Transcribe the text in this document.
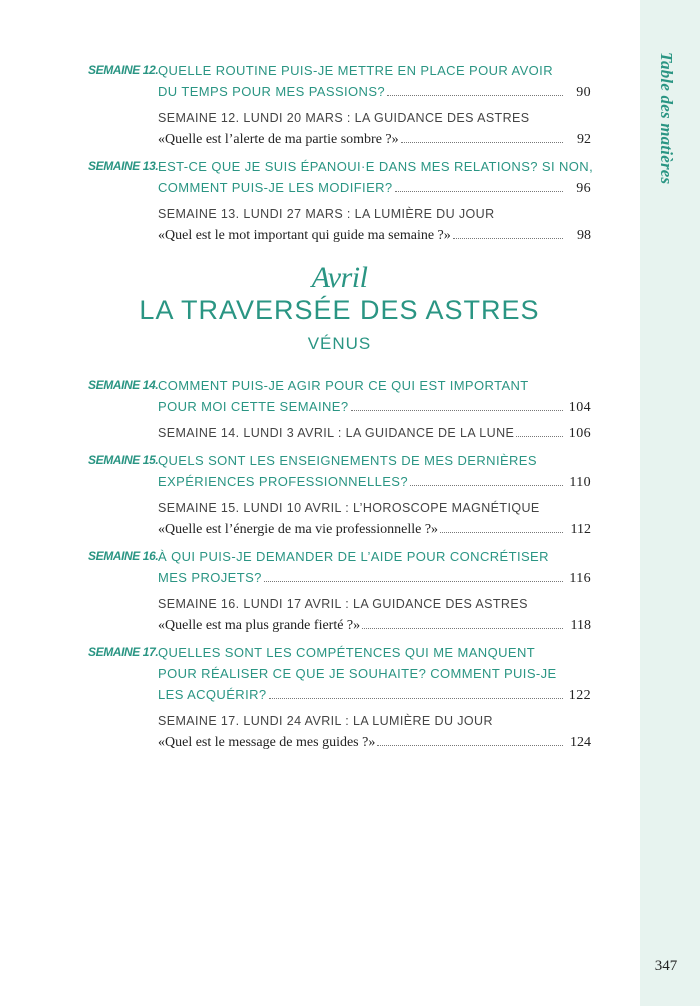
Table des matières
347
SEMAINE 12. QUELLE ROUTINE PUIS-JE METTRE EN PLACE POUR AVOIR
DU TEMPS POUR MES PASSIONS?	90
SEMAINE 12. LUNDI 20 MARS : LA GUIDANCE DES ASTRES
«Quelle est l’alerte de ma partie sombre ?»	92
SEMAINE 13. EST-CE QUE JE SUIS ÉPANOUI·E DANS MES RELATIONS? SI NON,
COMMENT PUIS-JE LES MODIFIER?	96
SEMAINE 13. LUNDI 27 MARS : LA LUMIÈRE DU JOUR
«Quel est le mot important qui guide ma semaine ?»	98
Avril
LA TRAVERSÉE DES ASTRES
VÉNUS
SEMAINE 14. COMMENT PUIS-JE AGIR POUR CE QUI EST IMPORTANT
POUR MOI CETTE SEMAINE?	104
SEMAINE 14. LUNDI 3 AVRIL : LA GUIDANCE DE LA LUNE	106
SEMAINE 15. QUELS SONT LES ENSEIGNEMENTS DE MES DERNIÈRES
EXPÉRIENCES PROFESSIONNELLES?	110
SEMAINE 15. LUNDI 10 AVRIL : L’HOROSCOPE MAGNÉTIQUE
«Quelle est l’énergie de ma vie professionnelle ?»	112
SEMAINE 16. À QUI PUIS-JE DEMANDER DE L’AIDE POUR CONCRÉTISER
MES PROJETS?	116
SEMAINE 16. LUNDI 17 AVRIL : LA GUIDANCE DES ASTRES
«Quelle est ma plus grande fierté ?»	118
SEMAINE 17. QUELLES SONT LES COMPÉTENCES QUI ME MANQUENT
POUR RÉALISER CE QUE JE SOUHAITE? COMMENT PUIS-JE
LES ACQUÉRIR?	122
SEMAINE 17. LUNDI 24 AVRIL : LA LUMIÈRE DU JOUR
«Quel est le message de mes guides ?»	124
